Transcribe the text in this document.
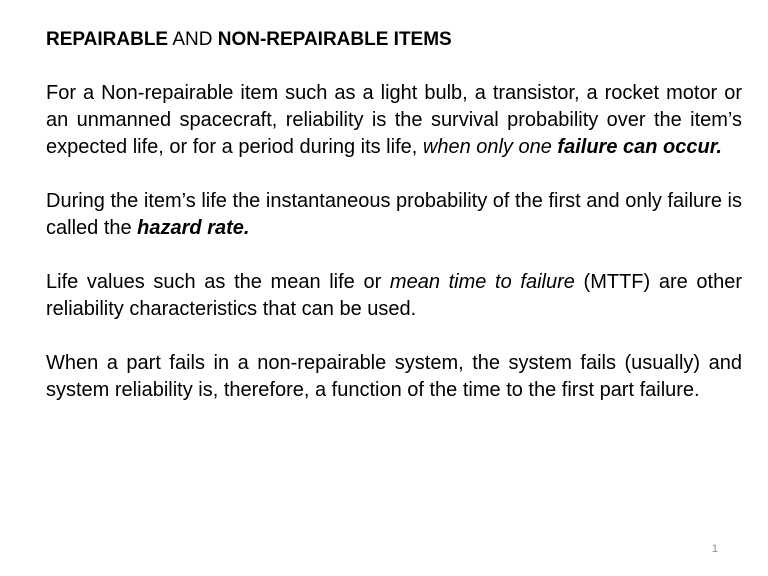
REPAIRABLE AND NON-REPAIRABLE ITEMS
For a Non-repairable item such as a light bulb, a transistor, a rocket motor or an unmanned spacecraft, reliability is the survival probability over the item’s expected life, or for a period during its life, when only one failure can occur.
During the item’s life the instantaneous probability of the first and only failure is called the hazard rate.
Life values such as the mean life or mean time to failure (MTTF) are other reliability characteristics that can be used.
When a part fails in a non-repairable system, the system fails (usually) and system reliability is, therefore, a function of the time to the first part failure.
1
